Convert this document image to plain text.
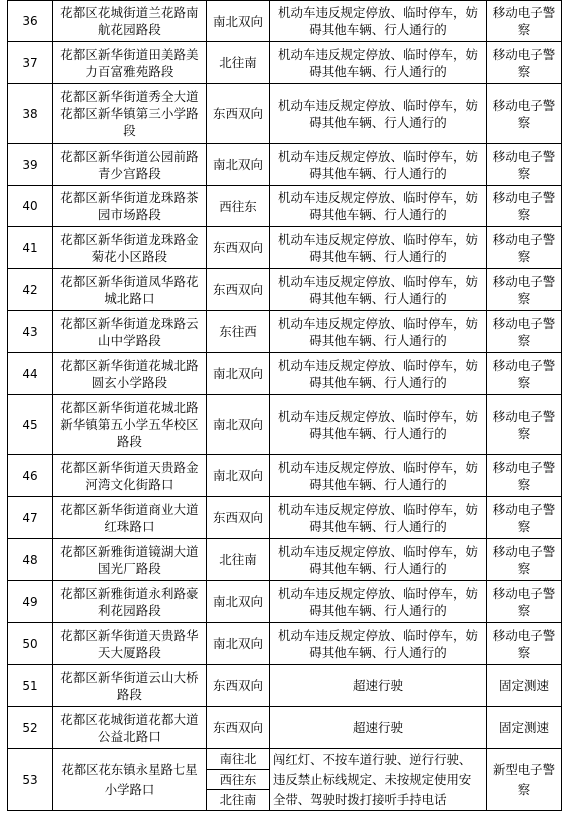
36	花都区花城街道兰花路南航花园路段	南北双向	机动车违反规定停放、临时停车，妨碍其他车辆、行人通行的	移动电子警察
37	花都区新华街道田美路美力百富雅苑路段	北往南	机动车违反规定停放、临时停车，妨碍其他车辆、行人通行的	移动电子警察
38	花都区新华街道秀全大道花都区新华镇第三小学路段	东西双向	机动车违反规定停放、临时停车，妨碍其他车辆、行人通行的	移动电子警察
39	花都区新华街道公园前路青少宫路段	南北双向	机动车违反规定停放、临时停车，妨碍其他车辆、行人通行的	移动电子警察
40	花都区新华街道龙珠路茶园市场路段	西往东	机动车违反规定停放、临时停车，妨碍其他车辆、行人通行的	移动电子警察
41	花都区新华街道龙珠路金菊花小区路段	东西双向	机动车违反规定停放、临时停车，妨碍其他车辆、行人通行的	移动电子警察
42	花都区新华街道凤华路花城北路口	东西双向	机动车违反规定停放、临时停车，妨碍其他车辆、行人通行的	移动电子警察
43	花都区新华街道龙珠路云山中学路段	东往西	机动车违反规定停放、临时停车，妨碍其他车辆、行人通行的	移动电子警察
44	花都区新华街道花城北路圆玄小学路段	南北双向	机动车违反规定停放、临时停车，妨碍其他车辆、行人通行的	移动电子警察
45	花都区新华街道花城北路新华镇第五小学五华校区路段	南北双向	机动车违反规定停放、临时停车，妨碍其他车辆、行人通行的	移动电子警察
46	花都区新华街道天贵路金河湾文化街路口	南北双向	机动车违反规定停放、临时停车，妨碍其他车辆、行人通行的	移动电子警察
47	花都区新华街道商业大道红珠路口	东西双向	机动车违反规定停放、临时停车，妨碍其他车辆、行人通行的	移动电子警察
48	花都区新雅街道镜湖大道国光厂路段	北往南	机动车违反规定停放、临时停车，妨碍其他车辆、行人通行的	移动电子警察
49	花都区新雅街道永利路豪利花园路段	南北双向	机动车违反规定停放、临时停车，妨碍其他车辆、行人通行的	移动电子警察
50	花都区新华街道天贵路华天大厦路段	南北双向	机动车违反规定停放、临时停车，妨碍其他车辆、行人通行的	移动电子警察
51	花都区新华街道云山大桥路段	东西双向	超速行驶	固定测速
52	花都区花城街道花都大道公益北路口	东西双向	超速行驶	固定测速
53	花都区花东镇永星路七星小学路口	南往北	闯红灯、不按车道行驶、逆行行驶、违反禁止标线规定、未按规定使用安全带、驾驶时拨打接听手持电话	新型电子警察
		西往东		
		北往南		
